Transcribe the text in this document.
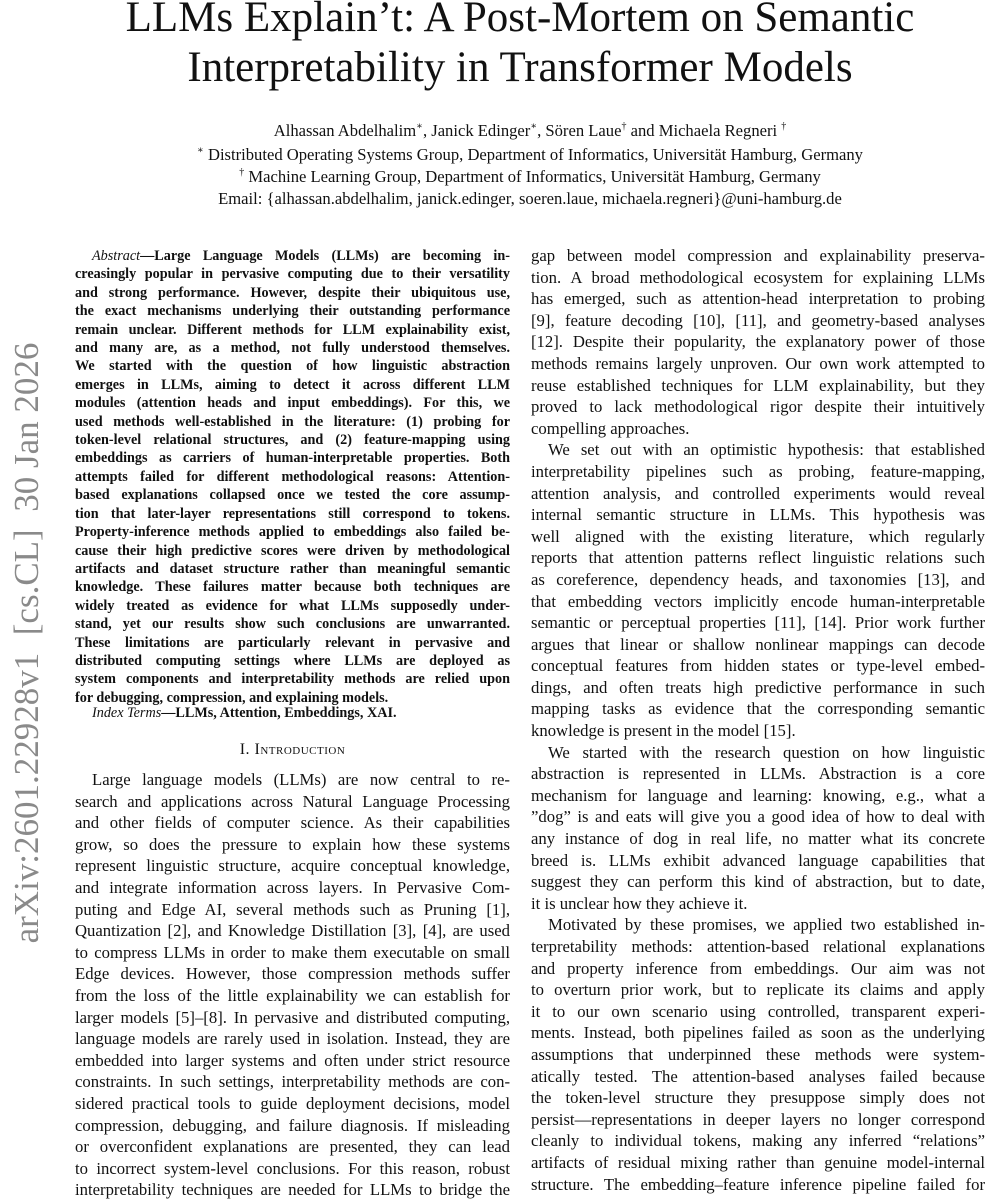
arXiv:2601.22928v1  [cs.CL]  30 Jan 2026
LLMs Explain’t: A Post-Mortem on Semantic
Interpretability in Transformer Models
Alhassan Abdelhalim∗, Janick Edinger∗, Sören Laue† and Michaela Regneri †
∗ Distributed Operating Systems Group, Department of Informatics, Universität Hamburg, Germany
† Machine Learning Group, Department of Informatics, Universität Hamburg, Germany
Email: {alhassan.abdelhalim, janick.edinger, soeren.laue, michaela.regneri}@uni-hamburg.de
Abstract—Large Language Models (LLMs) are becoming in-
creasingly popular in pervasive computing due to their versatility
and strong performance. However, despite their ubiquitous use,
the exact mechanisms underlying their outstanding performance
remain unclear. Different methods for LLM explainability exist,
and many are, as a method, not fully understood themselves.
We started with the question of how linguistic abstraction
emerges in LLMs, aiming to detect it across different LLM
modules (attention heads and input embeddings). For this, we
used methods well-established in the literature: (1) probing for
token-level relational structures, and (2) feature-mapping using
embeddings as carriers of human-interpretable properties. Both
attempts failed for different methodological reasons: Attention-
based explanations collapsed once we tested the core assump-
tion that later-layer representations still correspond to tokens.
Property-inference methods applied to embeddings also failed be-
cause their high predictive scores were driven by methodological
artifacts and dataset structure rather than meaningful semantic
knowledge. These failures matter because both techniques are
widely treated as evidence for what LLMs supposedly under-
stand, yet our results show such conclusions are unwarranted.
These limitations are particularly relevant in pervasive and
distributed computing settings where LLMs are deployed as
system components and interpretability methods are relied upon
for debugging, compression, and explaining models.
Index Terms—LLMs, Attention, Embeddings, XAI.
I. Introduction
Large language models (LLMs) are now central to re-
search and applications across Natural Language Processing
and other fields of computer science. As their capabilities
grow, so does the pressure to explain how these systems
represent linguistic structure, acquire conceptual knowledge,
and integrate information across layers. In Pervasive Com-
puting and Edge AI, several methods such as Pruning [1],
Quantization [2], and Knowledge Distillation [3], [4], are used
to compress LLMs in order to make them executable on small
Edge devices. However, those compression methods suffer
from the loss of the little explainability we can establish for
larger models [5]–[8]. In pervasive and distributed computing,
language models are rarely used in isolation. Instead, they are
embedded into larger systems and often under strict resource
constraints. In such settings, interpretability methods are con-
sidered practical tools to guide deployment decisions, model
compression, debugging, and failure diagnosis. If misleading
or overconfident explanations are presented, they can lead
to incorrect system-level conclusions. For this reason, robust
interpretability techniques are needed for LLMs to bridge the
gap between model compression and explainability preserva-
tion. A broad methodological ecosystem for explaining LLMs
has emerged, such as attention-head interpretation to probing
[9], feature decoding [10], [11], and geometry-based analyses
[12]. Despite their popularity, the explanatory power of those
methods remains largely unproven. Our own work attempted to
reuse established techniques for LLM explainability, but they
proved to lack methodological rigor despite their intuitively
compelling approaches.
We set out with an optimistic hypothesis: that established
interpretability pipelines such as probing, feature-mapping,
attention analysis, and controlled experiments would reveal
internal semantic structure in LLMs. This hypothesis was
well aligned with the existing literature, which regularly
reports that attention patterns reflect linguistic relations such
as coreference, dependency heads, and taxonomies [13], and
that embedding vectors implicitly encode human-interpretable
semantic or perceptual properties [11], [14]. Prior work further
argues that linear or shallow nonlinear mappings can decode
conceptual features from hidden states or type-level embed-
dings, and often treats high predictive performance in such
mapping tasks as evidence that the corresponding semantic
knowledge is present in the model [15].
We started with the research question on how linguistic
abstraction is represented in LLMs. Abstraction is a core
mechanism for language and learning: knowing, e.g., what a
”dog” is and eats will give you a good idea of how to deal with
any instance of dog in real life, no matter what its concrete
breed is. LLMs exhibit advanced language capabilities that
suggest they can perform this kind of abstraction, but to date,
it is unclear how they achieve it.
Motivated by these promises, we applied two established in-
terpretability methods: attention-based relational explanations
and property inference from embeddings. Our aim was not
to overturn prior work, but to replicate its claims and apply
it to our own scenario using controlled, transparent experi-
ments. Instead, both pipelines failed as soon as the underlying
assumptions that underpinned these methods were system-
atically tested. The attention-based analyses failed because
the token-level structure they presuppose simply does not
persist—representations in deeper layers no longer correspond
cleanly to individual tokens, making any inferred “relations”
artifacts of residual mixing rather than genuine model-internal
structure. The embedding–feature inference pipeline failed for
